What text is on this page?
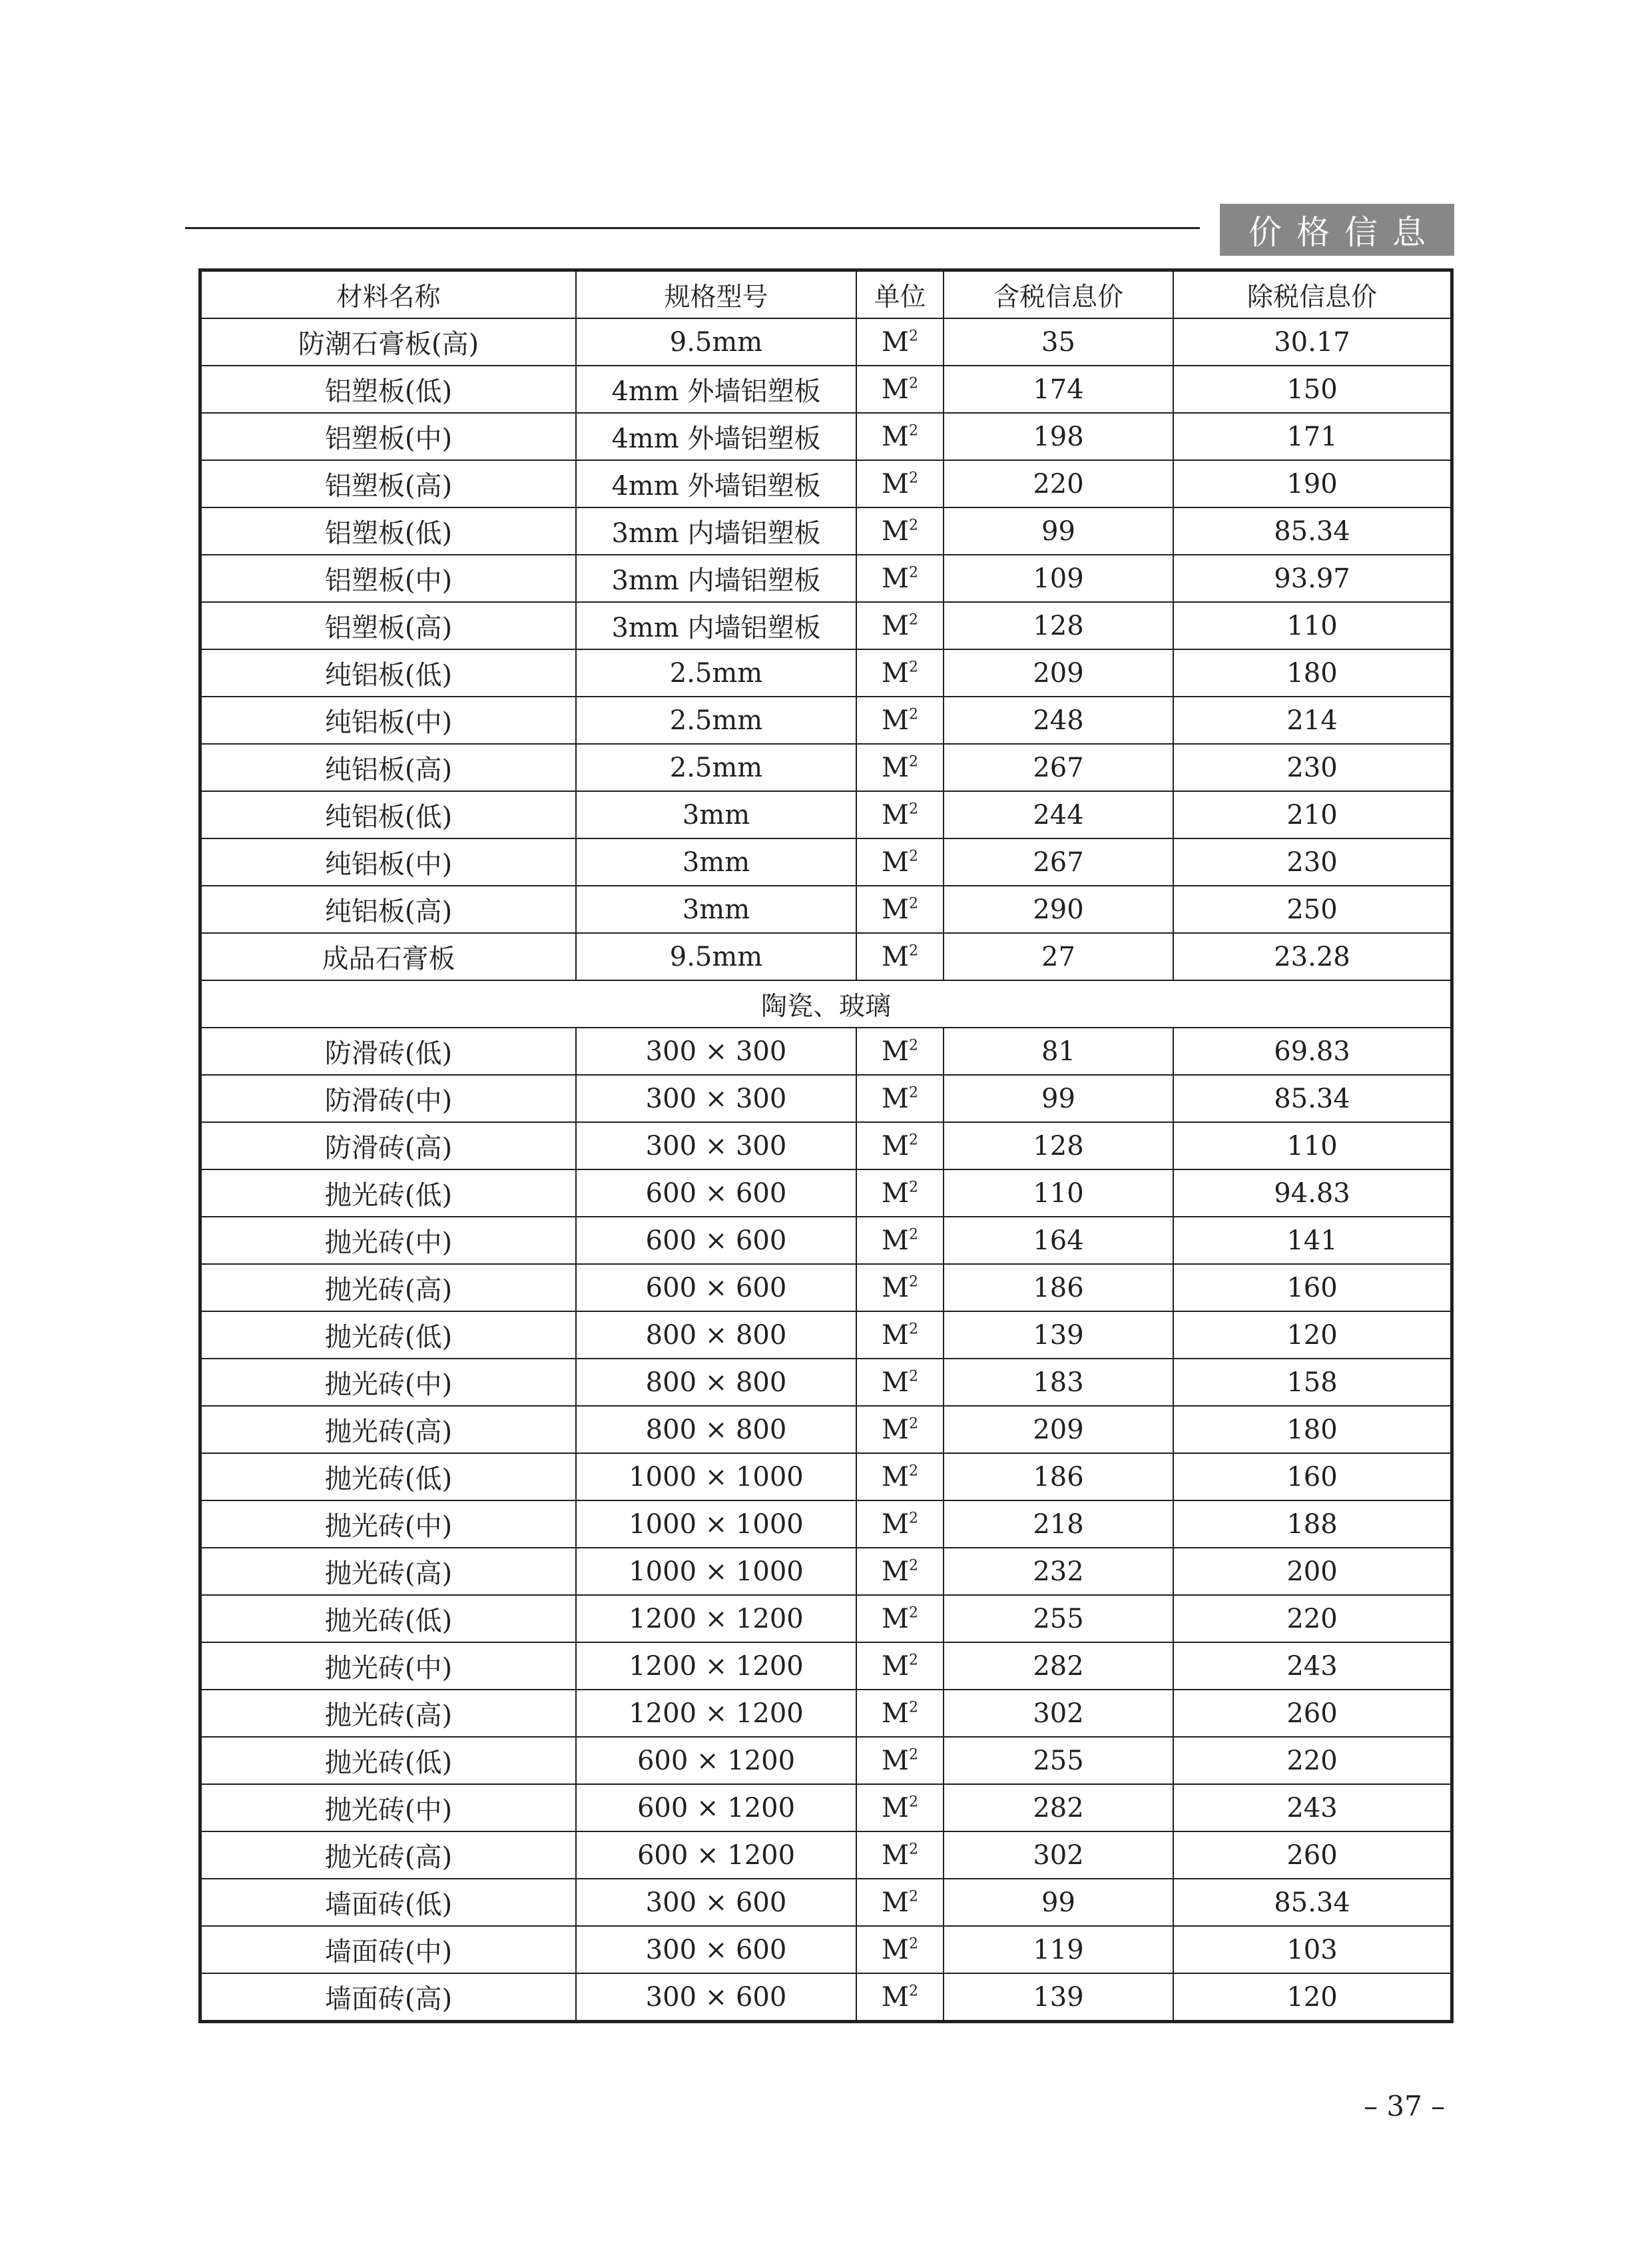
价格信息
材料名称	规格型号	单位	含税信息价	除税信息价
防潮石膏板(高)	9.5mm	$M^2$	35	30.17
铝塑板(低)	4mm 外墙铝塑板	$M^2$	174	150
铝塑板(中)	4mm 外墙铝塑板	$M^2$	198	171
铝塑板(高)	4mm 外墙铝塑板	$M^2$	220	190
铝塑板(低)	3mm 内墙铝塑板	$M^2$	99	85.34
铝塑板(中)	3mm 内墙铝塑板	$M^2$	109	93.97
铝塑板(高)	3mm 内墙铝塑板	$M^2$	128	110
纯铝板(低)	2.5mm	$M^2$	209	180
纯铝板(中)	2.5mm	$M^2$	248	214
纯铝板(高)	2.5mm	$M^2$	267	230
纯铝板(低)	3mm	$M^2$	244	210
纯铝板(中)	3mm	$M^2$	267	230
纯铝板(高)	3mm	$M^2$	290	250
成品石膏板	9.5mm	$M^2$	27	23.28
陶瓷、玻璃				
防滑砖(低)	300 × 300	$M^2$	81	69.83
防滑砖(中)	300 × 300	$M^2$	99	85.34
防滑砖(高)	300 × 300	$M^2$	128	110
抛光砖(低)	600 × 600	$M^2$	110	94.83
抛光砖(中)	600 × 600	$M^2$	164	141
抛光砖(高)	600 × 600	$M^2$	186	160
抛光砖(低)	800 × 800	$M^2$	139	120
抛光砖(中)	800 × 800	$M^2$	183	158
抛光砖(高)	800 × 800	$M^2$	209	180
抛光砖(低)	1000 × 1000	$M^2$	186	160
抛光砖(中)	1000 × 1000	$M^2$	218	188
抛光砖(高)	1000 × 1000	$M^2$	232	200
抛光砖(低)	1200 × 1200	$M^2$	255	220
抛光砖(中)	1200 × 1200	$M^2$	282	243
抛光砖(高)	1200 × 1200	$M^2$	302	260
抛光砖(低)	600 × 1200	$M^2$	255	220
抛光砖(中)	600 × 1200	$M^2$	282	243
抛光砖(高)	600 × 1200	$M^2$	302	260
墙面砖(低)	300 × 600	$M^2$	99	85.34
墙面砖(中)	300 × 600	$M^2$	119	103
墙面砖(高)	300 × 600	$M^2$	139	120
– 37 –
